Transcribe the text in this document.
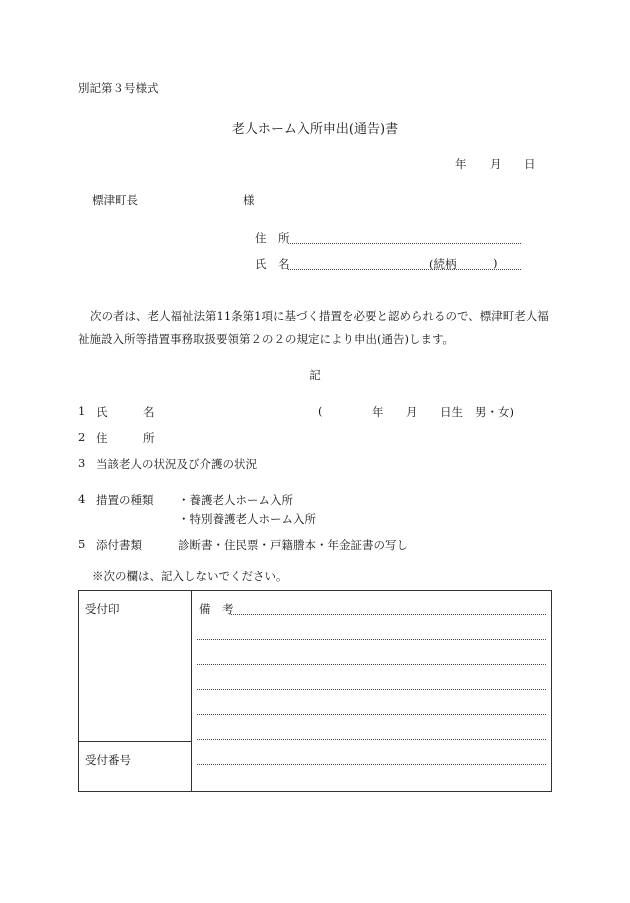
別記第３号様式
老人ホーム入所申出(通告)書
年 月 日
標津町長	様
住　所
氏　名	(続柄	)
次の者は、老人福祉法第11条第1項に基づく措置を必要と認められるので、標津町老人福祉施設入所等措置事務取扱要領第２の２の規定により申出(通告)します。
記
1 氏	名	(	年 月 日生 男・女)
2 住	所
3 当該老人の状況及び介護の状況
4 措置の種類 ・養護老人ホーム入所
・特別養護老人ホーム入所
5 添付書類	診断書・住民票・戸籍謄本・年金証書の写し
※次の欄は、記入しないでください。
受付印
受付番号
備　考
